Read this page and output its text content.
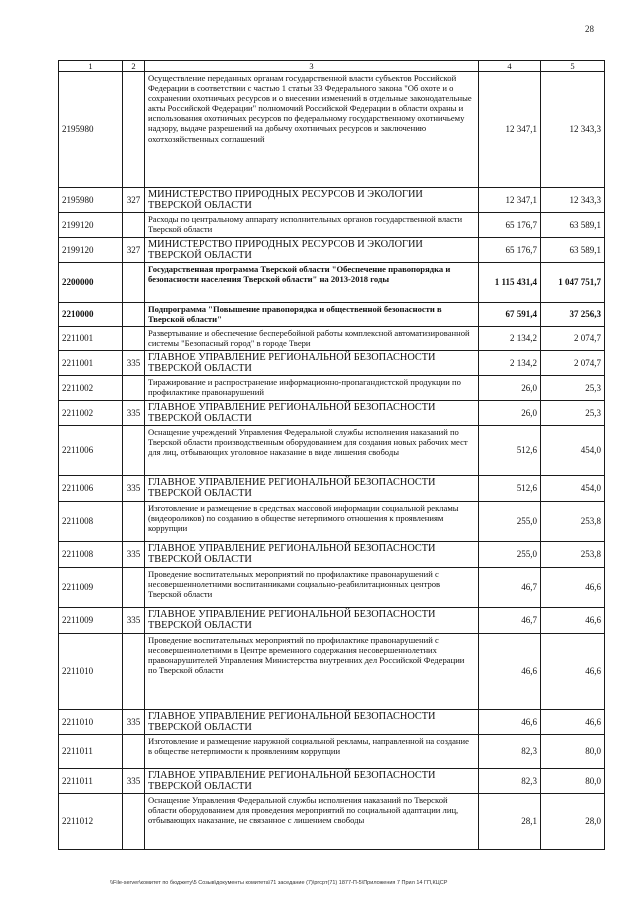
28
1	2	3	4	5
2195980		Осуществление переданных органам государственной власти субъектов Российской Федерации в соответствии с частью 1 статьи 33 Федерального закона "Об охоте и о сохранении охотничьих ресурсов и о внесении изменений в отдельные законодательные акты Российской Федерации" полномочий Российской Федерации в области охраны и использования охотничьих ресурсов по федеральному государственному охотничьему надзору, выдаче разрешений на добычу охотничьих ресурсов и заключению охотхозяйственных соглашений	12 347,1	12 343,3
2195980	327	МИНИСТЕРСТВО ПРИРОДНЫХ РЕСУРСОВ И ЭКОЛОГИИ ТВЕРСКОЙ ОБЛАСТИ	12 347,1	12 343,3
2199120		Расходы по центральному аппарату исполнительных органов государственной власти Тверской области	65 176,7	63 589,1
2199120	327	МИНИСТЕРСТВО ПРИРОДНЫХ РЕСУРСОВ И ЭКОЛОГИИ ТВЕРСКОЙ ОБЛАСТИ	65 176,7	63 589,1
2200000		Государственная программа Тверской области "Обеспечение правопорядка и безопасности населения Тверской области" на 2013-2018 годы	1 115 431,4	1 047 751,7
2210000		Подпрограмма "Повышение правопорядка и общественной безопасности в Тверской области"	67 591,4	37 256,3
2211001		Развертывание и обеспечение бесперебойной работы комплексной автоматизированной системы "Безопасный город" в городе Твери	2 134,2	2 074,7
2211001	335	ГЛАВНОЕ УПРАВЛЕНИЕ РЕГИОНАЛЬНОЙ БЕЗОПАСНОСТИ ТВЕРСКОЙ ОБЛАСТИ	2 134,2	2 074,7
2211002		Тиражирование и распространение информационно-пропагандистской продукции по профилактике правонарушений	26,0	25,3
2211002	335	ГЛАВНОЕ УПРАВЛЕНИЕ РЕГИОНАЛЬНОЙ БЕЗОПАСНОСТИ ТВЕРСКОЙ ОБЛАСТИ	26,0	25,3
2211006		Оснащение учреждений Управления Федеральной службы исполнения наказаний по Тверской области производственным оборудованием для создания новых рабочих мест для лиц, отбывающих уголовное наказание в виде лишения свободы	512,6	454,0
2211006	335	ГЛАВНОЕ УПРАВЛЕНИЕ РЕГИОНАЛЬНОЙ БЕЗОПАСНОСТИ ТВЕРСКОЙ ОБЛАСТИ	512,6	454,0
2211008		Изготовление и размещение в средствах массовой информации социальной рекламы (видеороликов) по созданию в обществе нетерпимого отношения к проявлениям коррупции	255,0	253,8
2211008	335	ГЛАВНОЕ УПРАВЛЕНИЕ РЕГИОНАЛЬНОЙ БЕЗОПАСНОСТИ ТВЕРСКОЙ ОБЛАСТИ	255,0	253,8
2211009		Проведение воспитательных мероприятий по профилактике правонарушений с несовершеннолетними воспитанниками социально-реабилитационных центров Тверской области	46,7	46,6
2211009	335	ГЛАВНОЕ УПРАВЛЕНИЕ РЕГИОНАЛЬНОЙ БЕЗОПАСНОСТИ ТВЕРСКОЙ ОБЛАСТИ	46,7	46,6
2211010		Проведение воспитательных мероприятий по профилактике правонарушений с несовершеннолетними в Центре временного содержания несовершеннолетних правонарушителей Управления Министерства внутренних дел Российской Федерации по Тверской области	46,6	46,6
2211010	335	ГЛАВНОЕ УПРАВЛЕНИЕ РЕГИОНАЛЬНОЙ БЕЗОПАСНОСТИ ТВЕРСКОЙ ОБЛАСТИ	46,6	46,6
2211011		Изготовление и размещение наружной социальной рекламы, направленной на создание в обществе нетерпимости к проявлениям коррупции	82,3	80,0
2211011	335	ГЛАВНОЕ УПРАВЛЕНИЕ РЕГИОНАЛЬНОЙ БЕЗОПАСНОСТИ ТВЕРСКОЙ ОБЛАСТИ	82,3	80,0
2211012		Оснащение Управления Федеральной службы исполнения наказаний по Тверской области оборудованием для проведения мероприятий по социальной адаптации лиц, отбывающих наказание, не связанное с лишением свободы	28,1	28,0
\\File-server\комитет по бюджету\5 Созыв\документы комитета\71 заседание (7)\ргсрт(71) 1877-П-5\Приложения 7 Прил 14 ГП,КЦСР
